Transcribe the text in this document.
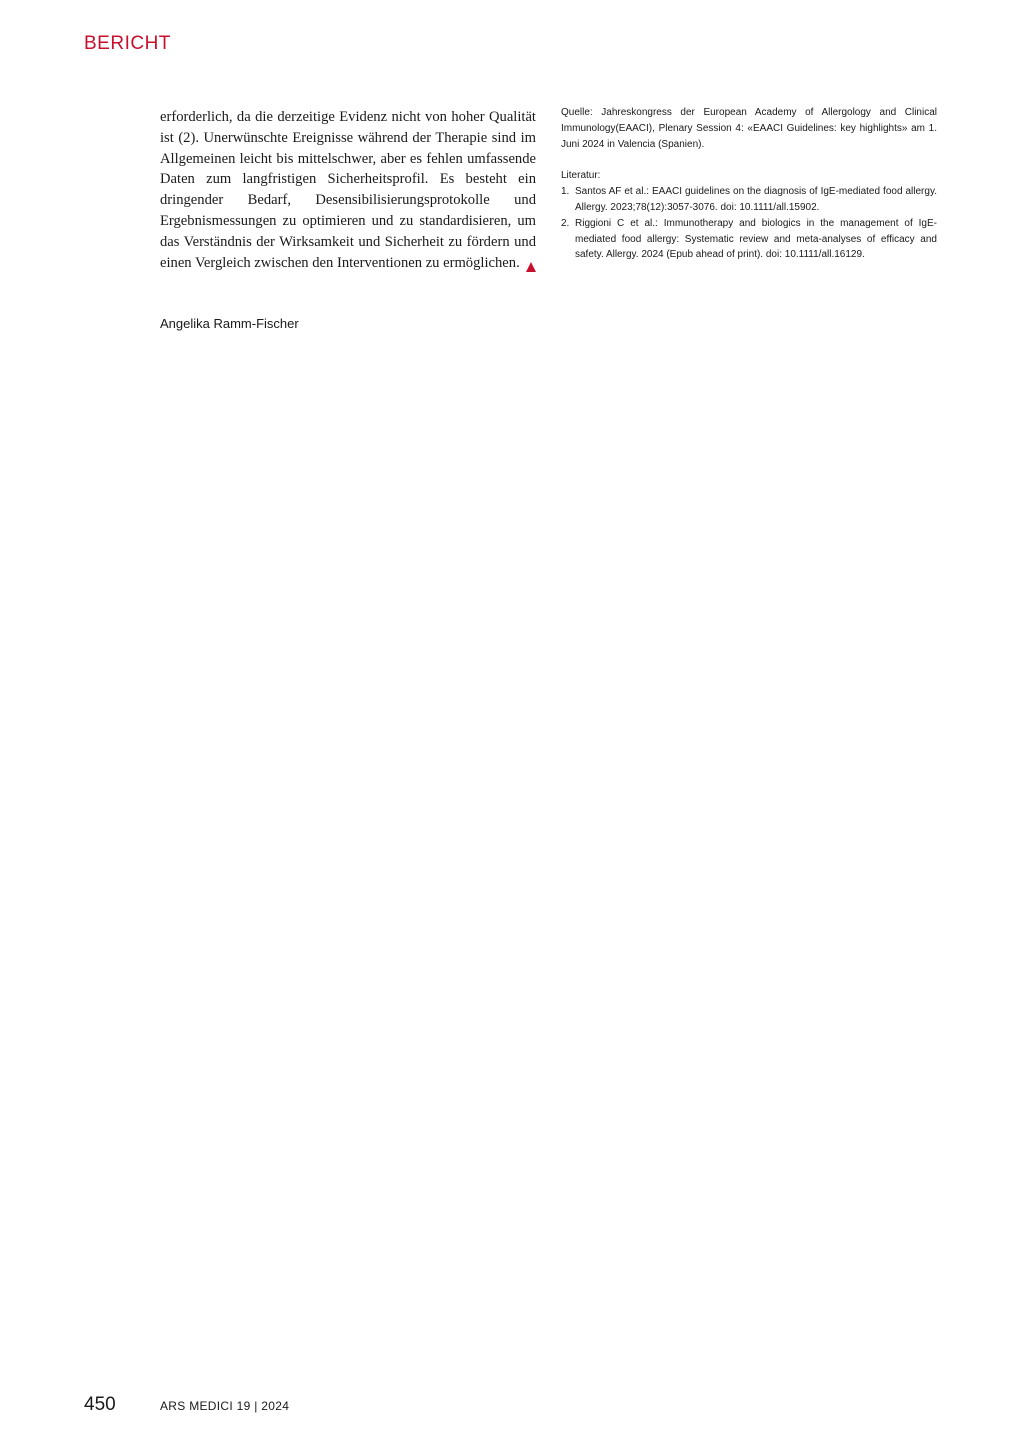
BERICHT

erforderlich, da die derzeitige Evidenz nicht von hoher Qualität ist (2). Unerwünschte Ereignisse während der Therapie sind im Allgemeinen leicht bis mittelschwer, aber es fehlen umfassende Daten zum langfristigen Sicherheitsprofil. Es besteht ein dringender Bedarf, Desensibilisierungsprotokolle und Ergebnismessungen zu optimieren und zu standardisieren, um das Verständnis der Wirksamkeit und Sicherheit zu fördern und einen Vergleich zwischen den Interventionen zu ermöglichen.

Angelika Ramm-Fischer

Quelle: Jahreskongress der European Academy of Allergology and Clinical Immunology(EAACI), Plenary Session 4: «EAACI Guidelines: key highlights» am 1. Juni 2024 in Valencia (Spanien).

Literatur:

1. Santos AF et al.: EAACI guidelines on the diagnosis of IgE-mediated food allergy. Allergy. 2023;78(12):3057-3076. doi: 10.1111/all.15902.
2. Riggioni C et al.: Immunotherapy and biologics in the management of IgE-mediated food allergy: Systematic review and meta-analyses of efficacy and safety. Allergy. 2024 (Epub ahead of print). doi: 10.1111/all.16129.
450	ARS MEDICI 19 | 2024
